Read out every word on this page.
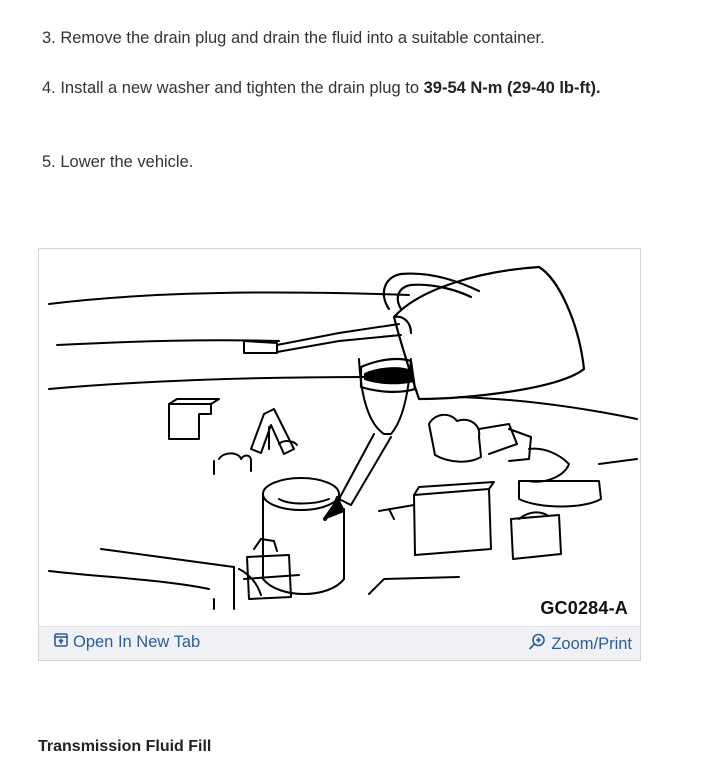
3. Remove the drain plug and drain the fluid into a suitable container.
4. Install a new washer and tighten the drain plug to 39-54 N-m (29-40 lb-ft).
5. Lower the vehicle.
GC0284-A
Open In New Tab	Zoom/Print
Transmission Fluid Fill
